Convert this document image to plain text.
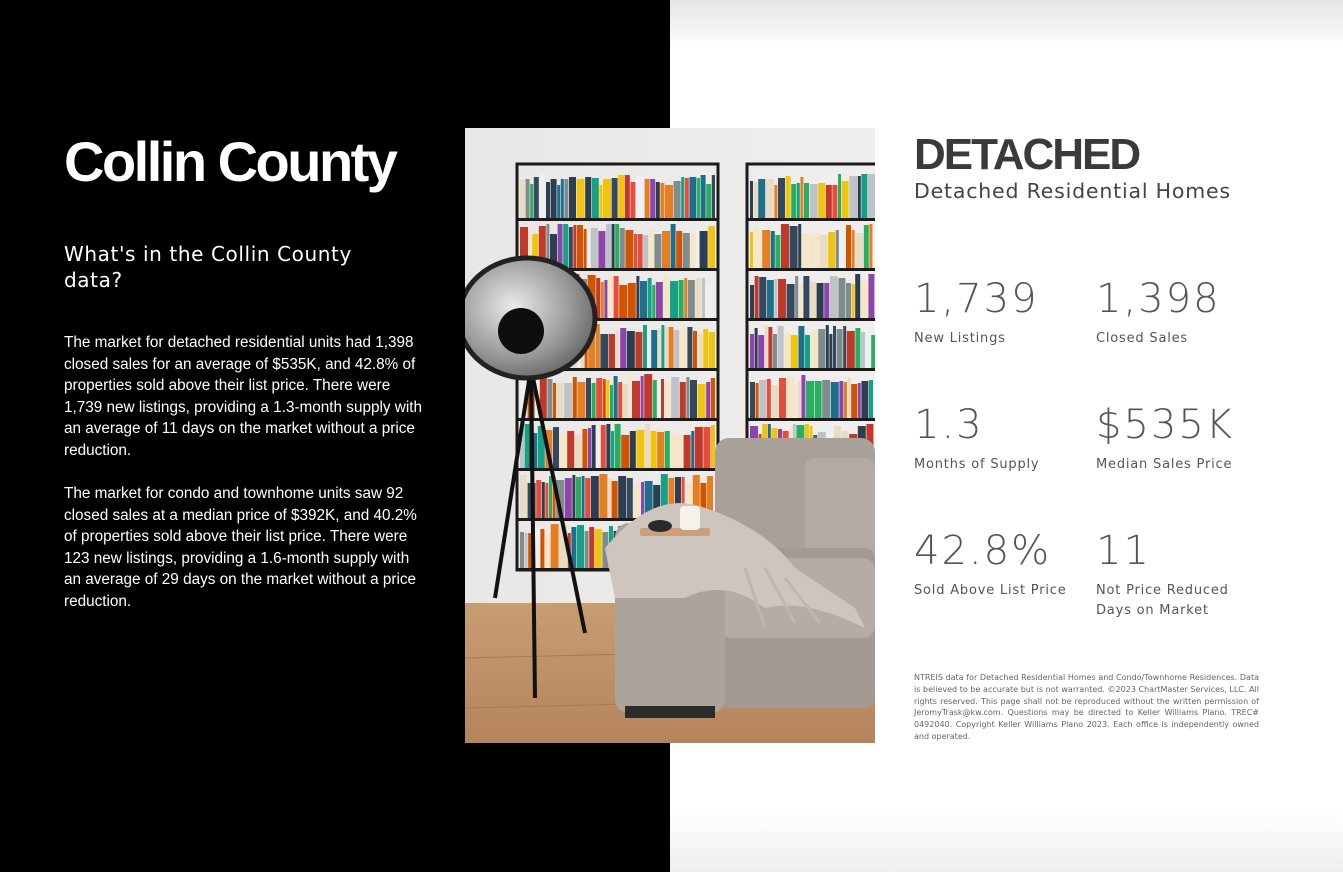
Collin County
What's in the Collin County data?

The market for detached residential units had 1,398 closed sales for an average of $535K, and 42.8% of properties sold above their list price. There were 1,739 new listings, providing a 1.3-month supply with an average of 11 days on the market without a price reduction.

The market for condo and townhome units saw 92 closed sales at a median price of $392K, and 40.2% of properties sold above their list price. There were 123 new listings, providing a 1.6-month supply with an average of 29 days on the market without a price reduction.

DETACHED
Detached Residential Homes
1,739
New Listings
1,398
Closed Sales
1.3
Months of Supply
$535K
Median Sales Price
42.8%
Sold Above List Price
11
Not Price Reduced Days on Market

NTREIS data for Detached Residential Homes and Condo/Townhome Residences. Data is believed to be accurate but is not warranted. ©2023 ChartMaster Services, LLC. All rights reserved. This page shall not be reproduced without the written permission of JeromyTrask@kw.com. Questions may be directed to Keller Williams Plano. TREC# 0492040. Copyright Keller Williams Plano 2023. Each office is independently owned and operated.
